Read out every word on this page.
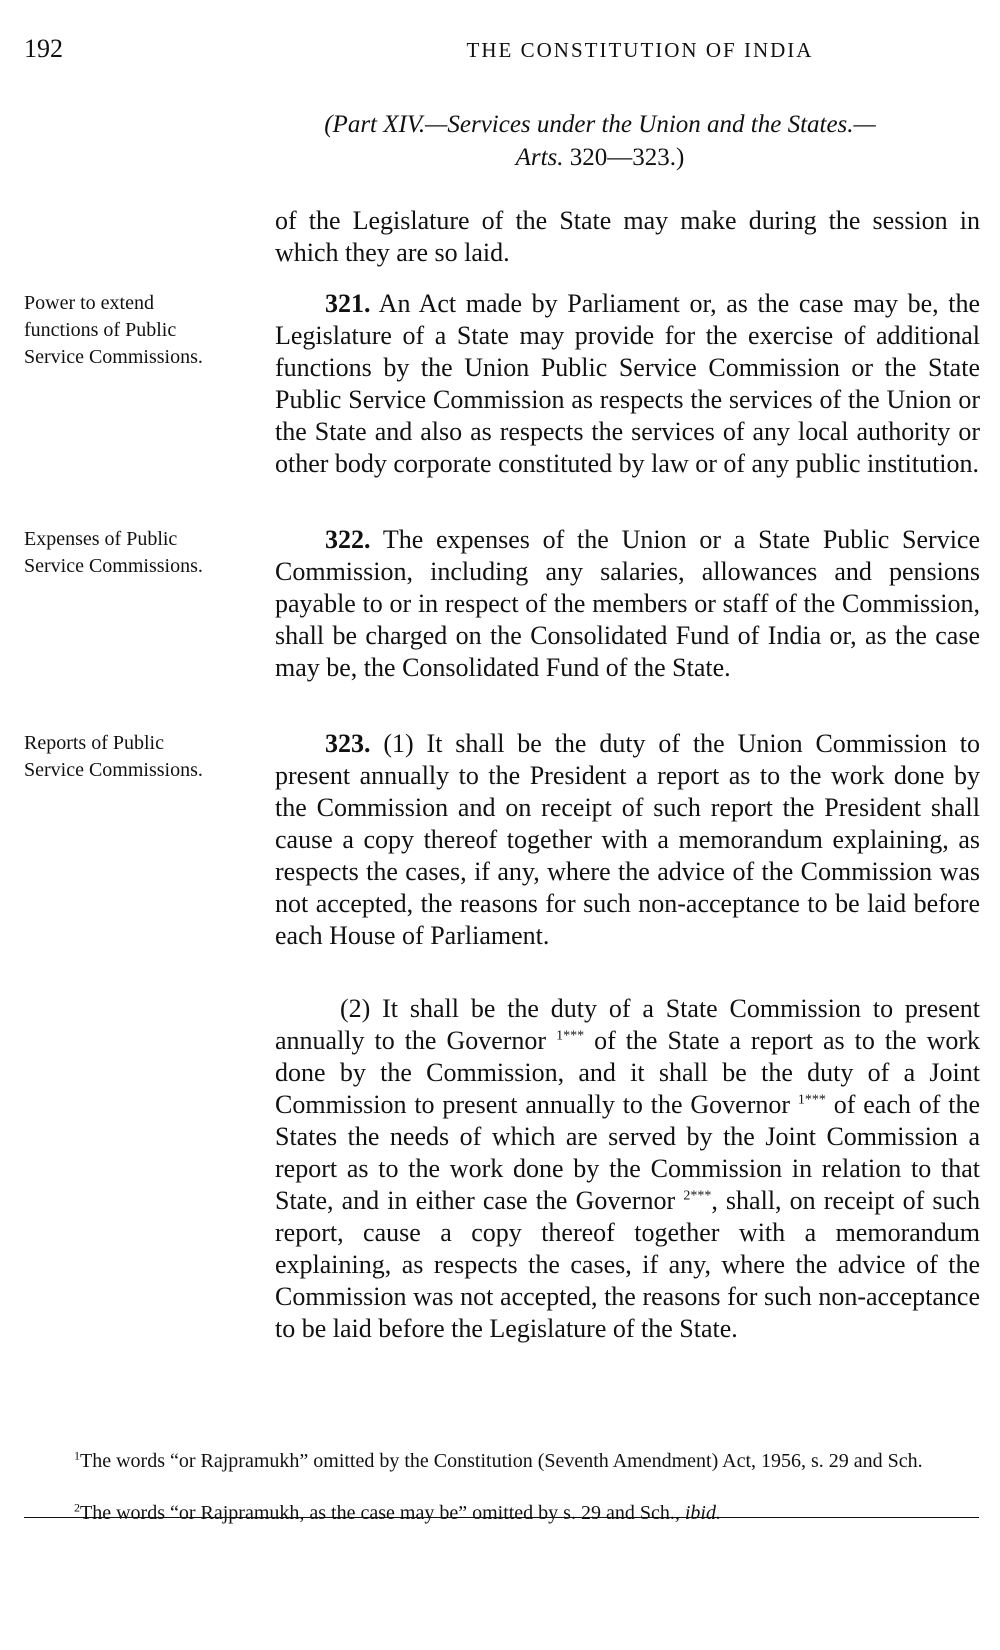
192	THE CONSTITUTION OF INDIA
(Part XIV.—Services under the Union and the States.—
Arts. 320—323.)
of the Legislature of the State may make during the session in which they are so laid.
Power to extend functions of Public Service Commissions.
321. An Act made by Parliament or, as the case may be, the Legislature of a State may provide for the exercise of additional functions by the Union Public Service Commission or the State Public Service Commission as respects the services of the Union or the State and also as respects the services of any local authority or other body corporate constituted by law or of any public institution.
Expenses of Public Service Commissions.
322. The expenses of the Union or a State Public Service Commission, including any salaries, allowances and pensions payable to or in respect of the members or staff of the Commission, shall be charged on the Consolidated Fund of India or, as the case may be, the Consolidated Fund of the State.
Reports of Public Service Commissions.
323. (1) It shall be the duty of the Union Commission to present annually to the President a report as to the work done by the Commission and on receipt of such report the President shall cause a copy thereof together with a memorandum explaining, as respects the cases, if any, where the advice of the Commission was not accepted, the reasons for such non-acceptance to be laid before each House of Parliament.
(2) It shall be the duty of a State Commission to present annually to the Governor $^{1***}$ of the State a report as to the work done by the Commission, and it shall be the duty of a Joint Commission to present annually to the Governor $^{1***}$ of each of the States the needs of which are served by the Joint Commission a report as to the work done by the Commission in relation to that State, and in either case the Governor $^{2***}$, shall, on receipt of such report, cause a copy thereof together with a memorandum explaining, as respects the cases, if any, where the advice of the Commission was not accepted, the reasons for such non-acceptance to be laid before the Legislature of the State.
$^1$The words “or Rajpramukh” omitted by the Constitution (Seventh Amendment) Act, 1956, s. 29 and Sch.
$^2$The words “or Rajpramukh, as the case may be” omitted by s. 29 and Sch., ibid.
